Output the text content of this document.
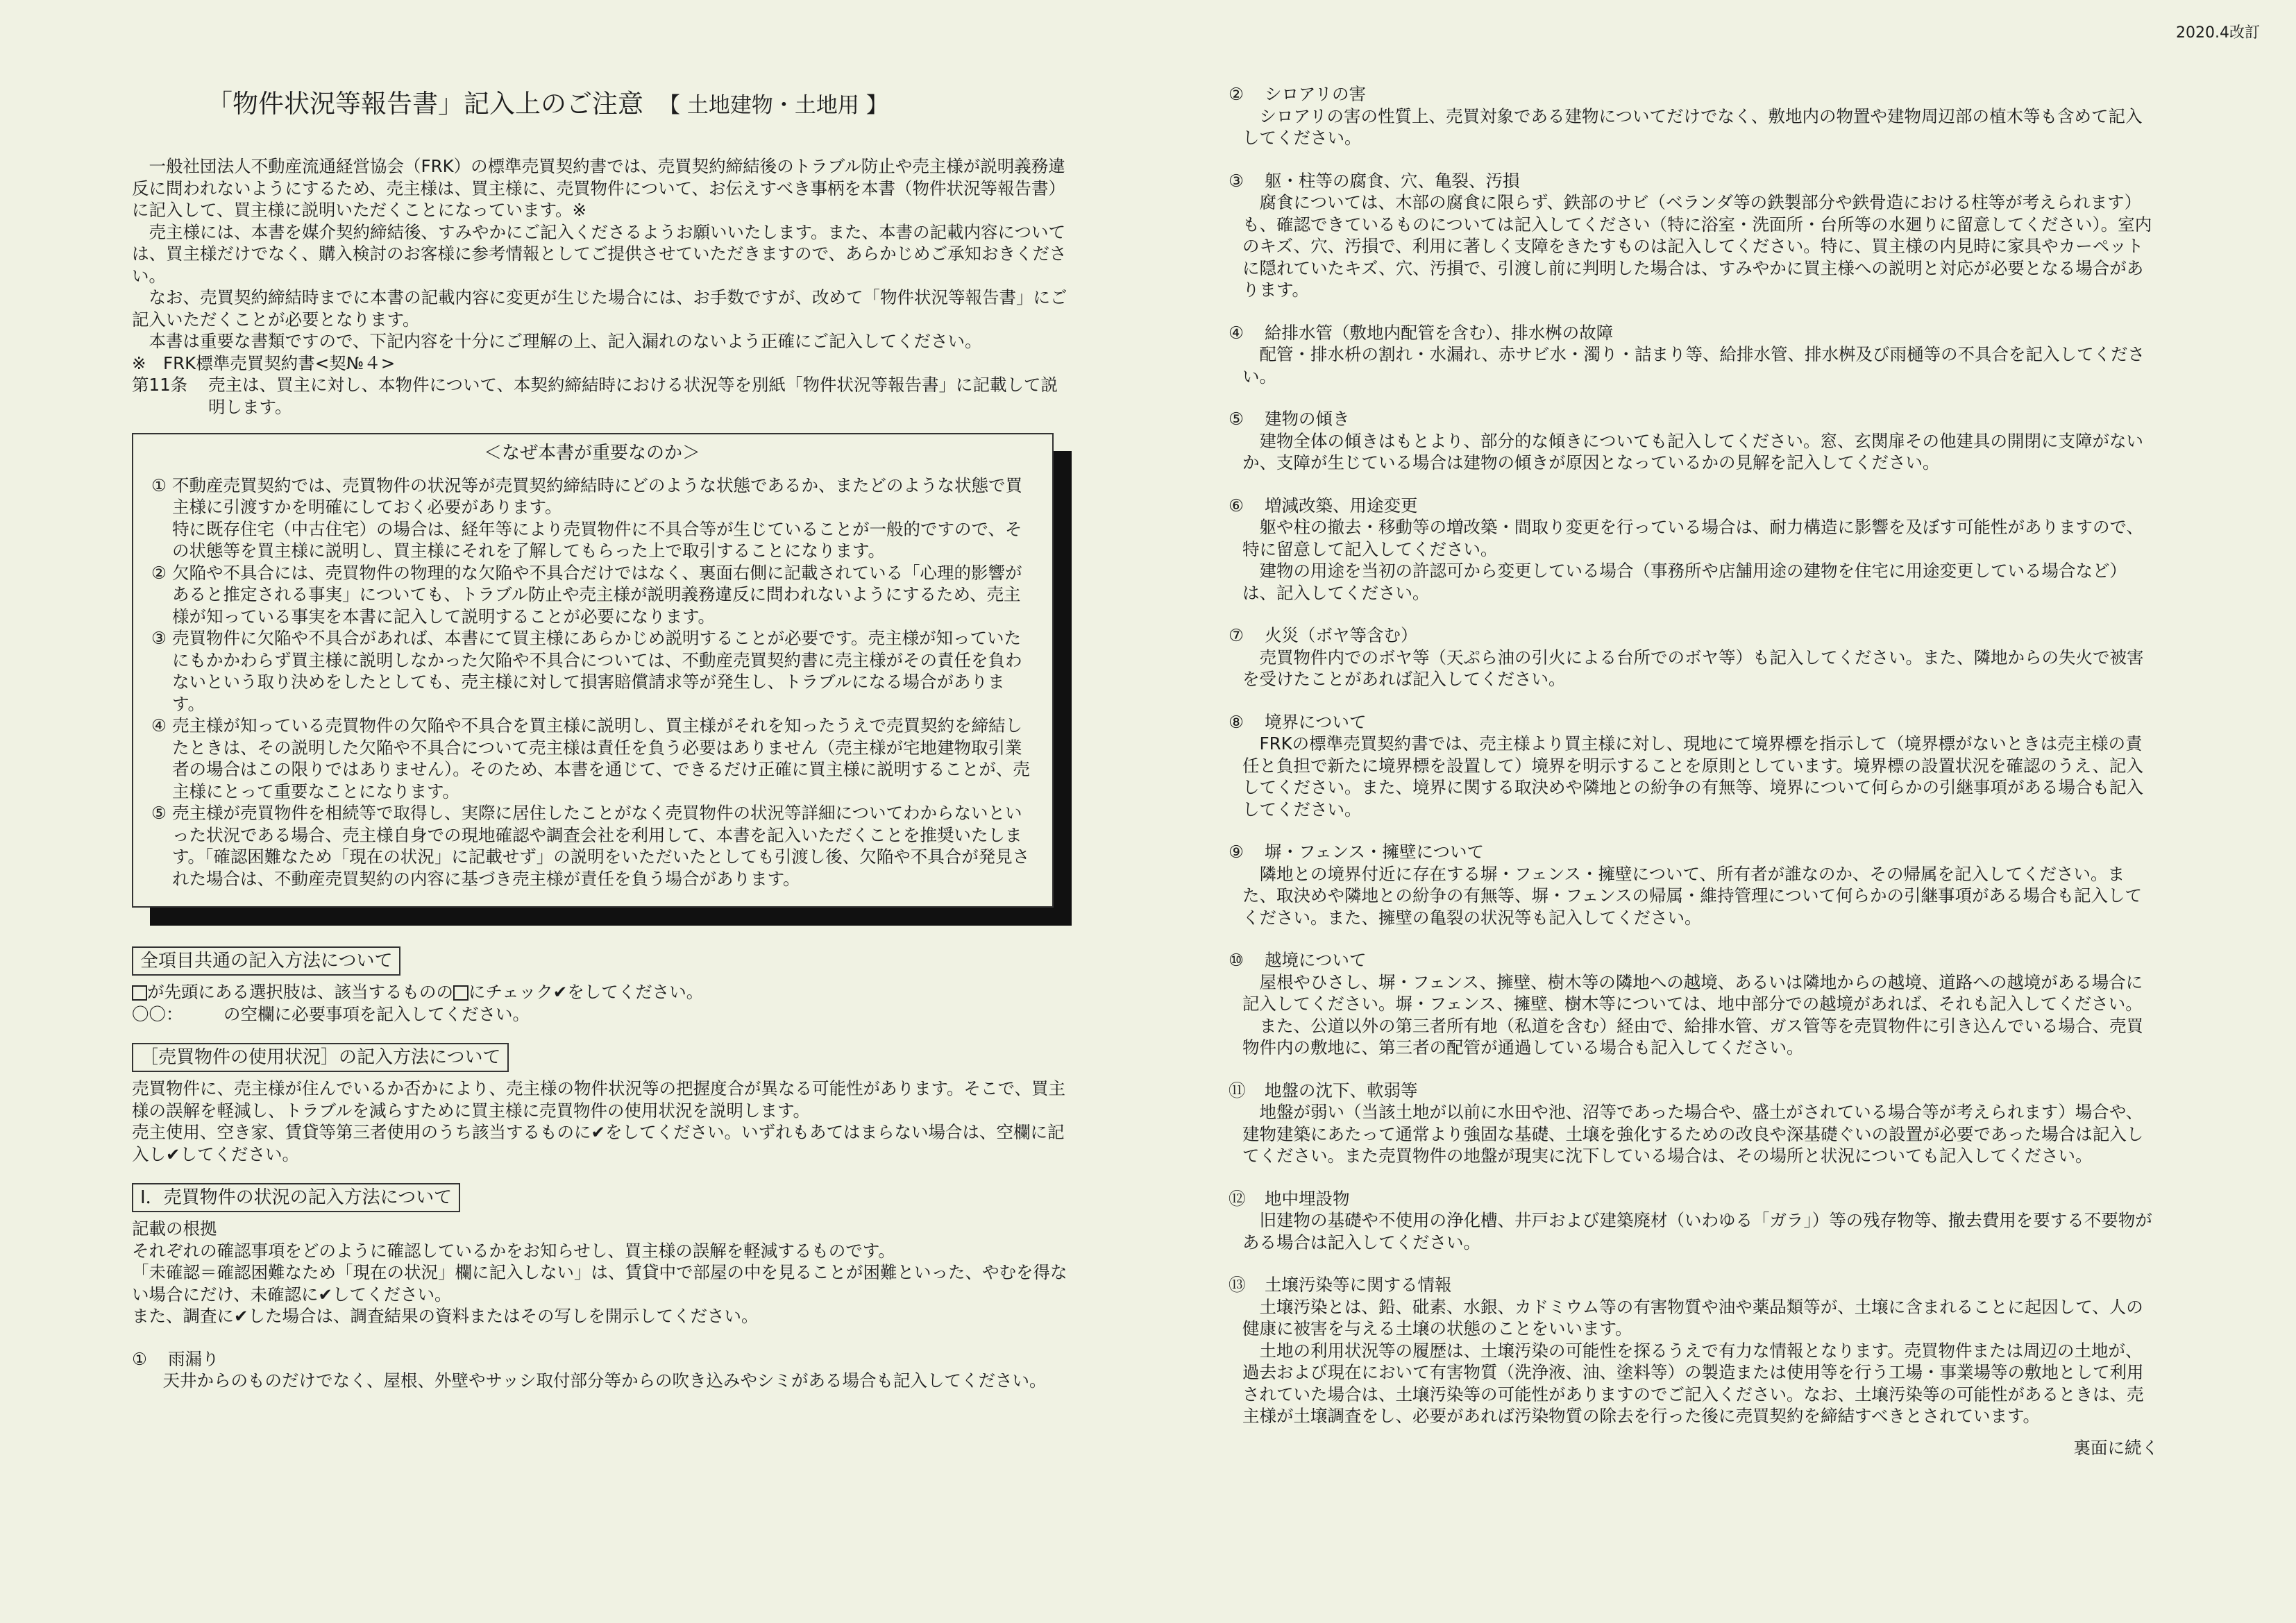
2020.4改訂
「物件状況等報告書」記入上のご注意 【 土地建物・土地用 】

一般社団法人不動産流通経営協会（FRK）の標準売買契約書では、売買契約締結後のトラブル防止や売主様が説明義務違反に問われないようにするため、売主様は、買主様に、売買物件について、お伝えすべき事柄を本書（物件状況等報告書）に記入して、買主様に説明いただくことになっています。※

売主様には、本書を媒介契約締結後、すみやかにご記入くださるようお願いいたします。また、本書の記載内容については、買主様だけでなく、購入検討のお客様に参考情報としてご提供させていただきますので、あらかじめご承知おきください。

なお、売買契約締結時までに本書の記載内容に変更が生じた場合には、お手数ですが、改めて「物件状況等報告書」にご記入いただくことが必要となります。

本書は重要な書類ですので、下記内容を十分にご理解の上、記入漏れのないよう正確にご記入してください。

※　FRK標準売買契約書<契№４>

第11条	売主は、買主に対し、本物件について、本契約締結時における状況等を別紙「物件状況等報告書」に記載して説明します。
＜なぜ本書が重要なのか＞
① 不動産売買契約では、売買物件の状況等が売買契約締結時にどのような状態であるか、またどのような状態で買主様に引渡すかを明確にしておく必要があります。
特に既存住宅（中古住宅）の場合は、経年等により売買物件に不具合等が生じていることが一般的ですので、その状態等を買主様に説明し、買主様にそれを了解してもらった上で取引することになります。
② 欠陥や不具合には、売買物件の物理的な欠陥や不具合だけではなく、裏面右側に記載されている「心理的影響があると推定される事実」についても、トラブル防止や売主様が説明義務違反に問われないようにするため、売主様が知っている事実を本書に記入して説明することが必要になります。
③ 売買物件に欠陥や不具合があれば、本書にて買主様にあらかじめ説明することが必要です。売主様が知っていたにもかかわらず買主様に説明しなかった欠陥や不具合については、不動産売買契約書に売主様がその責任を負わないという取り決めをしたとしても、売主様に対して損害賠償請求等が発生し、トラブルになる場合があります。
④ 売主様が知っている売買物件の欠陥や不具合を買主様に説明し、買主様がそれを知ったうえで売買契約を締結したときは、その説明した欠陥や不具合について売主様は責任を負う必要はありません（売主様が宅地建物取引業者の場合はこの限りではありません）。そのため、本書を通じて、できるだけ正確に買主様に説明することが、売主様にとって重要なことになります。
⑤ 売主様が売買物件を相続等で取得し、実際に居住したことがなく売買物件の状況等詳細についてわからないといった状況である場合、売主様自身での現地確認や調査会社を利用して、本書を記入いただくことを推奨いたします。「確認困難なため「現在の状況」に記載せず」の説明をいただいたとしても引渡し後、欠陥や不具合が発見された場合は、不動産売買契約の内容に基づき売主様が責任を負う場合があります。
全項目共通の記入方法について

が先頭にある選択肢は、該当するものの にチェック✔をしてください。

〇〇： の空欄に必要事項を記入してください。

［売買物件の使用状況］の記入方法について

売買物件に、売主様が住んでいるか否かにより、売主様の物件状況等の把握度合が異なる可能性があります。そこで、買主様の誤解を軽減し、トラブルを減らすために買主様に売買物件の使用状況を説明します。

売主使用、空き家、賃貸等第三者使用のうち該当するものに✔をしてください。いずれもあてはまらない場合は、空欄に記入し✔してください。

Ⅰ．売買物件の状況の記入方法について

記載の根拠

それぞれの確認事項をどのように確認しているかをお知らせし、買主様の誤解を軽減するものです。

「未確認＝確認困難なため「現在の状況」欄に記入しない」は、賃貸中で部屋の中を見ることが困難といった、やむを得ない場合にだけ、未確認に✔してください。

また、調査に✔した場合は、調査結果の資料またはその写しを開示してください。

①	雨漏り

天井からのものだけでなく、屋根、外壁やサッシ取付部分等からの吹き込みやシミがある場合も記入してください。

②	シロアリの害

シロアリの害の性質上、売買対象である建物についてだけでなく、敷地内の物置や建物周辺部の植木等も含めて記入してください。

③	躯・柱等の腐食、穴、亀裂、汚損

腐食については、木部の腐食に限らず、鉄部のサビ（ベランダ等の鉄製部分や鉄骨造における柱等が考えられます）も、確認できているものについては記入してください（特に浴室・洗面所・台所等の水廻りに留意してください）。室内のキズ、穴、汚損で、利用に著しく支障をきたすものは記入してください。特に、買主様の内見時に家具やカーペットに隠れていたキズ、穴、汚損で、引渡し前に判明した場合は、すみやかに買主様への説明と対応が必要となる場合があります。

④	給排水管（敷地内配管を含む）、排水桝の故障

配管・排水枡の割れ・水漏れ、赤サビ水・濁り・詰まり等、給排水管、排水桝及び雨樋等の不具合を記入してください。

⑤	建物の傾き

建物全体の傾きはもとより、部分的な傾きについても記入してください。窓、玄関扉その他建具の開閉に支障がないか、支障が生じている場合は建物の傾きが原因となっているかの見解を記入してください。

⑥	増減改築、用途変更

躯や柱の撤去・移動等の増改築・間取り変更を行っている場合は、耐力構造に影響を及ぼす可能性がありますので、特に留意して記入してください。

建物の用途を当初の許認可から変更している場合（事務所や店舗用途の建物を住宅に用途変更している場合など）は、記入してください。

⑦	火災（ボヤ等含む）

売買物件内でのボヤ等（天ぷら油の引火による台所でのボヤ等）も記入してください。また、隣地からの失火で被害を受けたことがあれば記入してください。

⑧	境界について

FRKの標準売買契約書では、売主様より買主様に対し、現地にて境界標を指示して（境界標がないときは売主様の責任と負担で新たに境界標を設置して）境界を明示することを原則としています。境界標の設置状況を確認のうえ、記入してください。また、境界に関する取決めや隣地との紛争の有無等、境界について何らかの引継事項がある場合も記入してください。

⑨	塀・フェンス・擁壁について

隣地との境界付近に存在する塀・フェンス・擁壁について、所有者が誰なのか、その帰属を記入してください。また、取決めや隣地との紛争の有無等、塀・フェンスの帰属・維持管理について何らかの引継事項がある場合も記入してください。また、擁壁の亀裂の状況等も記入してください。

⑩	越境について

屋根やひさし、塀・フェンス、擁壁、樹木等の隣地への越境、あるいは隣地からの越境、道路への越境がある場合に記入してください。塀・フェンス、擁壁、樹木等については、地中部分での越境があれば、それも記入してください。

また、公道以外の第三者所有地（私道を含む）経由で、給排水管、ガス管等を売買物件に引き込んでいる場合、売買物件内の敷地に、第三者の配管が通過している場合も記入してください。

⑪	地盤の沈下、軟弱等

地盤が弱い（当該土地が以前に水田や池、沼等であった場合や、盛土がされている場合等が考えられます）場合や、建物建築にあたって通常より強固な基礎、土壌を強化するための改良や深基礎ぐいの設置が必要であった場合は記入してください。また売買物件の地盤が現実に沈下している場合は、その場所と状況についても記入してください。

⑫	地中埋設物

旧建物の基礎や不使用の浄化槽、井戸および建築廃材（いわゆる「ガラ」）等の残存物等、撤去費用を要する不要物がある場合は記入してください。

⑬	土壌汚染等に関する情報

土壌汚染とは、鉛、砒素、水銀、カドミウム等の有害物質や油や薬品類等が、土壌に含まれることに起因して、人の健康に被害を与える土壌の状態のことをいいます。

土地の利用状況等の履歴は、土壌汚染の可能性を探るうえで有力な情報となります。売買物件または周辺の土地が、過去および現在において有害物質（洗浄液、油、塗料等）の製造または使用等を行う工場・事業場等の敷地として利用されていた場合は、土壌汚染等の可能性がありますのでご記入ください。なお、土壌汚染等の可能性があるときは、売主様が土壌調査をし、必要があれば汚染物質の除去を行った後に売買契約を締結すべきとされています。

裏面に続く
